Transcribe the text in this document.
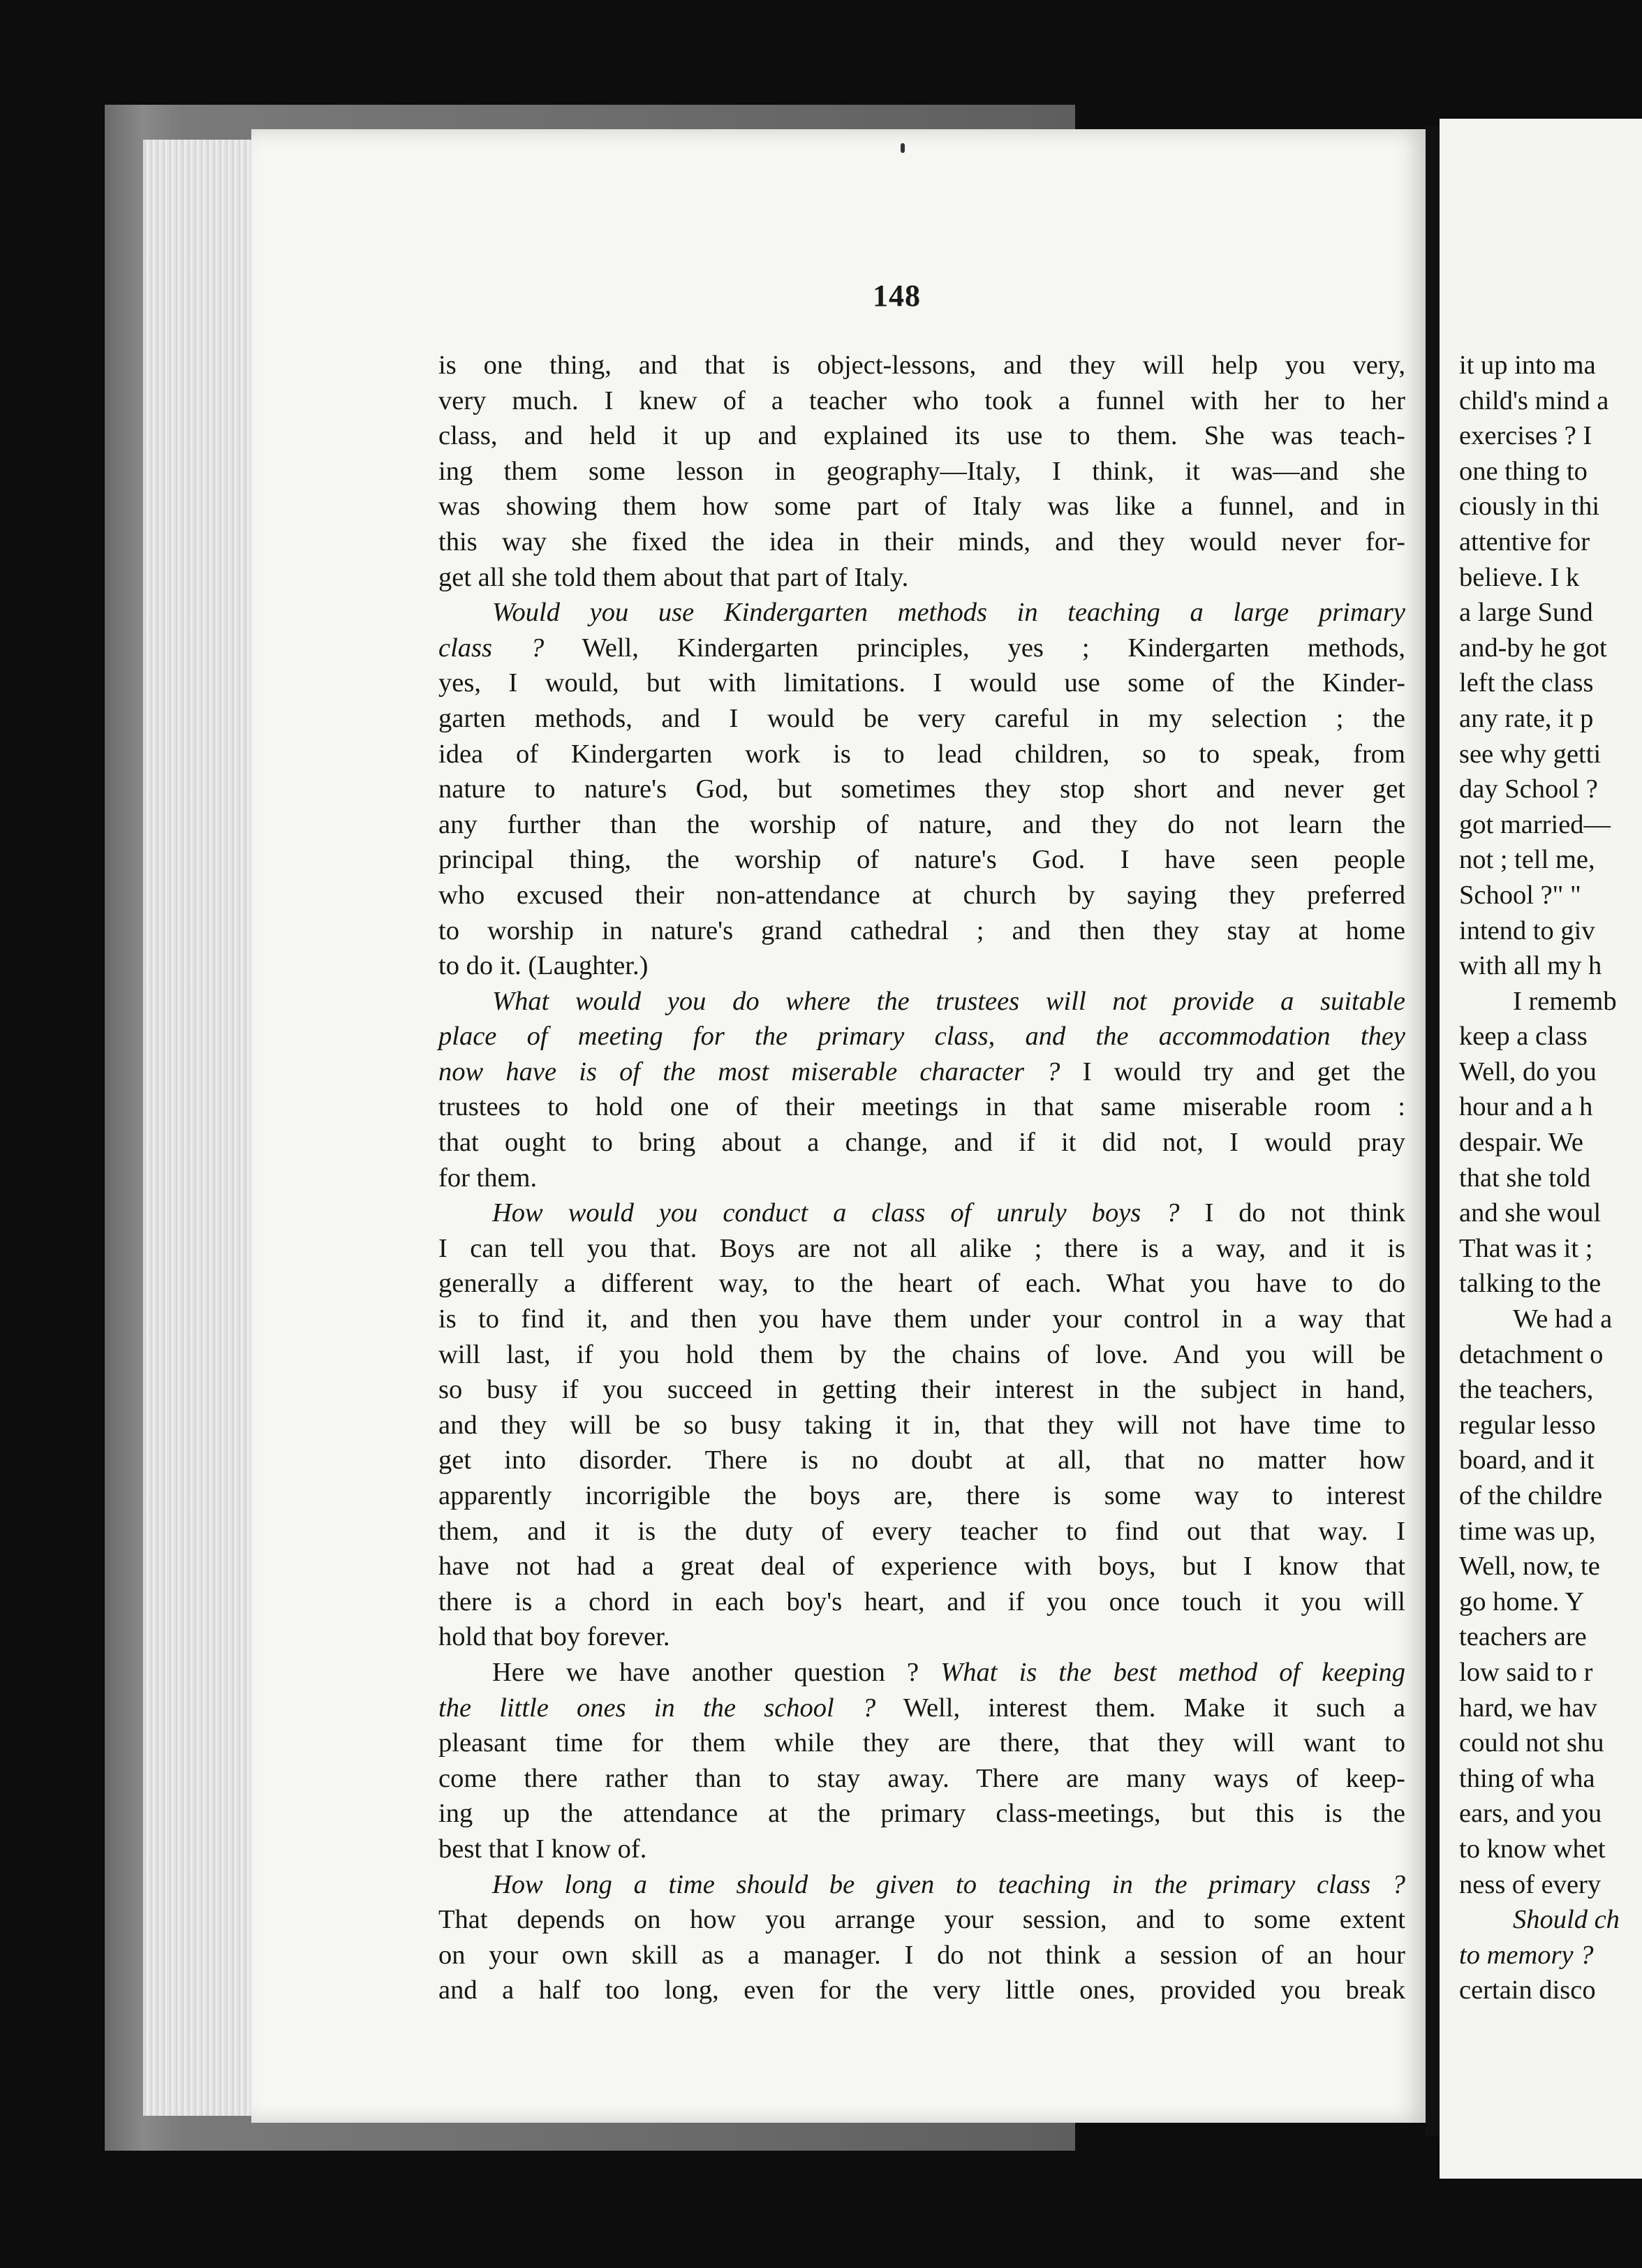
148
is one thing, and that is object-lessons, and they will help you very,
very much. I knew of a teacher who took a funnel with her to her
class, and held it up and explained its use to them. She was teach-
ing them some lesson in geography—Italy, I think, it was—and she
was showing them how some part of Italy was like a funnel, and in
this way she fixed the idea in their minds, and they would never for-
get all she told them about that part of Italy.
Would you use Kindergarten methods in teaching a large primary
class ? Well, Kindergarten principles, yes ; Kindergarten methods,
yes, I would, but with limitations. I would use some of the Kinder-
garten methods, and I would be very careful in my selection ; the
idea of Kindergarten work is to lead children, so to speak, from
nature to nature's God, but sometimes they stop short and never get
any further than the worship of nature, and they do not learn the
principal thing, the worship of nature's God. I have seen people
who excused their non-attendance at church by saying they preferred
to worship in nature's grand cathedral ; and then they stay at home
to do it. (Laughter.)
What would you do where the trustees will not provide a suitable
place of meeting for the primary class, and the accommodation they
now have is of the most miserable character ? I would try and get the
trustees to hold one of their meetings in that same miserable room :
that ought to bring about a change, and if it did not, I would pray
for them.
How would you conduct a class of unruly boys ? I do not think
I can tell you that. Boys are not all alike ; there is a way, and it is
generally a different way, to the heart of each. What you have to do
is to find it, and then you have them under your control in a way that
will last, if you hold them by the chains of love. And you will be
so busy if you succeed in getting their interest in the subject in hand,
and they will be so busy taking it in, that they will not have time to
get into disorder. There is no doubt at all, that no matter how
apparently incorrigible the boys are, there is some way to interest
them, and it is the duty of every teacher to find out that way. I
have not had a great deal of experience with boys, but I know that
there is a chord in each boy's heart, and if you once touch it you will
hold that boy forever.
Here we have another question ? What is the best method of keeping
the little ones in the school ? Well, interest them. Make it such a
pleasant time for them while they are there, that they will want to
come there rather than to stay away. There are many ways of keep-
ing up the attendance at the primary class-meetings, but this is the
best that I know of.
How long a time should be given to teaching in the primary class ?
That depends on how you arrange your session, and to some extent
on your own skill as a manager. I do not think a session of an hour
and a half too long, even for the very little ones, provided you break
it up into ma
child's mind a
exercises ? I
one thing to
ciously in thi
attentive for
believe. I k
a large Sund
and-by he got
left the class
any rate, it p
see why getti
day School ?
got married—
not ; tell me,
School ?" "
intend to giv
with all my h
I rememb
keep a class
Well, do you
hour and a h
despair. We
that she told
and she woul
That was it ;
talking to the
We had a
detachment o
the teachers,
regular lesso
board, and it
of the childre
time was up,
Well, now, te
go home. Y
teachers are
low said to r
hard, we hav
could not shu
thing of wha
ears, and you
to know whet
ness of every
Should ch
to memory ?
certain disco
